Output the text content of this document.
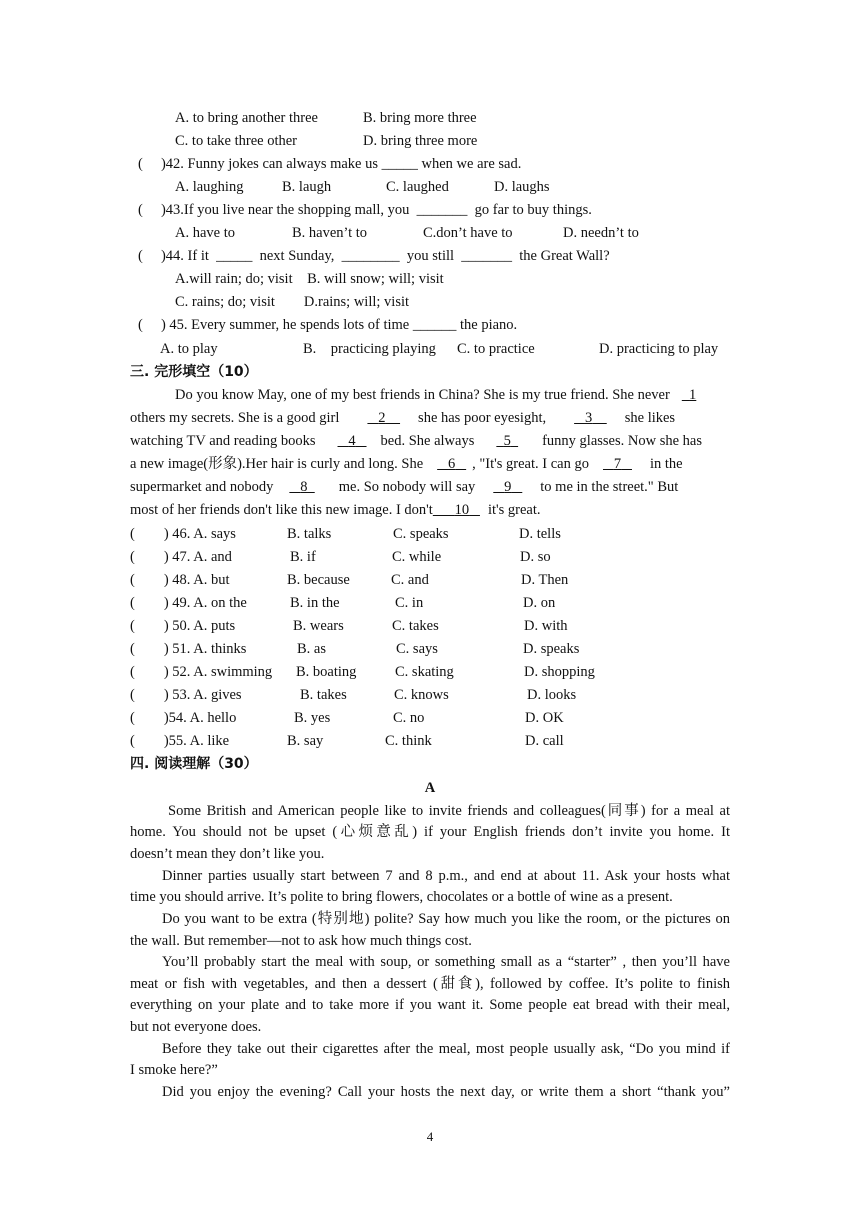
A. to bring another three	B. bring more three
C. to take three other	D. bring three more
(     )42. Funny jokes can always make us _____ when we are sad.
A. laughing	B. laugh	C. laughed	D. laughs
(     )43.If you live near the shopping mall, you  _______  go far to buy things.
A. have to	B. haven’t to	C.don’t have to	D. needn’t to
(     )44. If it  _____  next Sunday,  ________  you still  _______  the Great Wall?
A.will rain; do; visit    B. will snow; will; visit
C. rains; do; visit        D.rains; will; visit
(     ) 45. Every summer, he spends lots of time ______ the piano.
A. to play	B.    practicing playing C. to practice	D. practicing to play
三. 完形填空（10）
Do you know May, one of my best friends in China? She is my true friend. She never 1
others my secrets. She is a good girl	2 she has poor eyesight,	3 she likes
watching TV and reading books 4 bed. She always 5 funny glasses. Now she has
a new image(形象).Her hair is curly and long. She 6 , "It's great. I can go 7 in the
supermarket and nobody 8 me. So nobody will say 9 to me in the street." But
most of her friends don't like this new image. I don't 10 it's great.
(        ) 46. A. says	B. talks	C. speaks	D. tells
(        ) 47. A. and	B. if	C. while	D. so
(        ) 48. A. but	B. because	C. and	D. Then
(        ) 49. A. on the	B. in the	C. in	D. on
(        ) 50. A. puts	B. wears	C. takes	D. with
(        ) 51. A. thinks	B. as	C. says	D. speaks
(        ) 52. A. swimming B. boating	C. skating	D. shopping
(        ) 53. A. gives	B. takes	C. knows	D. looks
(        )54. A. hello	B. yes	C. no	D. OK
(        )55. A. like	B. say	C. think	D. call
四. 阅读理解（30）
A
Some British and American people like to invite friends and colleagues(同事) for a meal at
home. You should not be upset (心烦意乱) if your English friends don’t invite you home. It
doesn’t mean they don’t like you.
Dinner parties usually start between 7 and 8 p.m., and end at about 11. Ask your hosts what
time you should arrive. It’s polite to bring flowers, chocolates or a bottle of wine as a present.
Do you want to be extra (特别地) polite? Say how much you like the room, or the pictures on
the wall. But remember—not to ask how much things cost.
You’ll probably start the meal with soup, or something small as a “starter” , then you’ll have
meat or fish with vegetables, and then a dessert (甜食), followed by coffee. It’s polite to finish
everything on your plate and to take more if you want it. Some people eat bread with their meal,
but not everyone does.
Before they take out their cigarettes after the meal, most people usually ask, “Do you mind if
I smoke here?”
Did you enjoy the evening? Call your hosts the next day, or write them a short “thank you”
4
